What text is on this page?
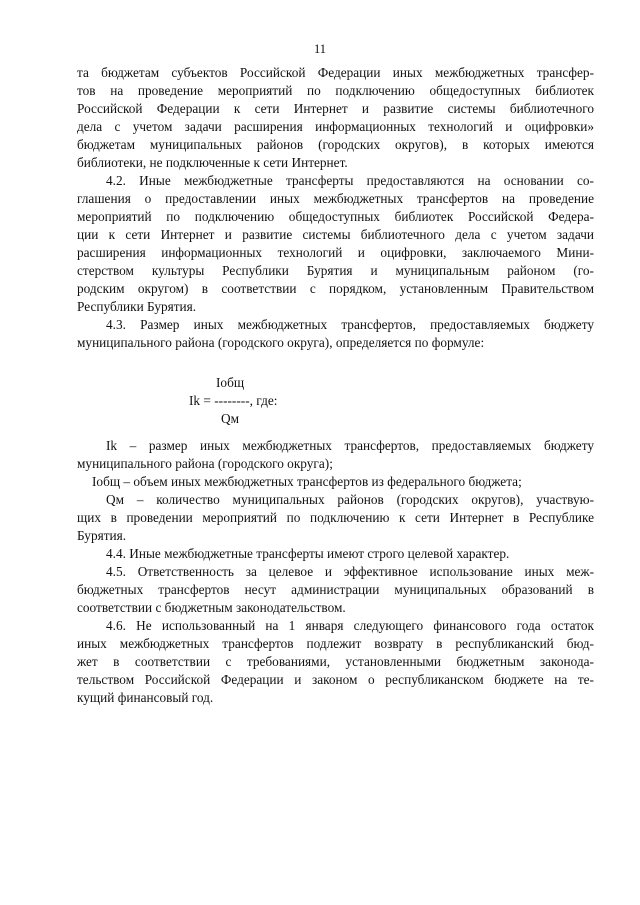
11
та бюджетам субъектов Российской Федерации иных межбюджетных трансфер-
тов на проведение мероприятий по подключению общедоступных библиотек
Российской Федерации к сети Интернет и развитие системы библиотечного
дела с учетом задачи расширения информационных технологий и оцифровки»
бюджетам муниципальных районов (городских округов), в которых имеются
библиотеки, не подключенные к сети Интернет.
4.2. Иные межбюджетные трансферты предоставляются на основании со-
глашения о предоставлении иных межбюджетных трансфертов на проведение
мероприятий по подключению общедоступных библиотек Российской Федера-
ции к сети Интернет и развитие системы библиотечного дела с учетом задачи
расширения информационных технологий и оцифровки, заключаемого Мини-
стерством культуры Республики Бурятия и муниципальным районом (го-
родским округом) в соответствии с порядком, установленным Правительством
Республики Бурятия.
4.3. Размер иных межбюджетных трансфертов, предоставляемых бюджету
муниципального района (городского округа), определяется по формуле:
Iобщ
Ik = --------, где:
Qм
Ik – размер иных межбюджетных трансфертов, предоставляемых бюджету
муниципального района (городского округа);
Iобщ – объем иных межбюджетных трансфертов из федерального бюджета;
Qм – количество муниципальных районов (городских округов), участвую-
щих в проведении мероприятий по подключению к сети Интернет в Республике
Бурятия.
4.4. Иные межбюджетные трансферты имеют строго целевой характер.
4.5. Ответственность за целевое и эффективное использование иных меж-
бюджетных трансфертов несут администрации муниципальных образований в
соответствии с бюджетным законодательством.
4.6. Не использованный на 1 января следующего финансового года остаток
иных межбюджетных трансфертов подлежит возврату в республиканский бюд-
жет в соответствии с требованиями, установленными бюджетным законода-
тельством Российской Федерации и законом о республиканском бюджете на те-
кущий финансовый год.
